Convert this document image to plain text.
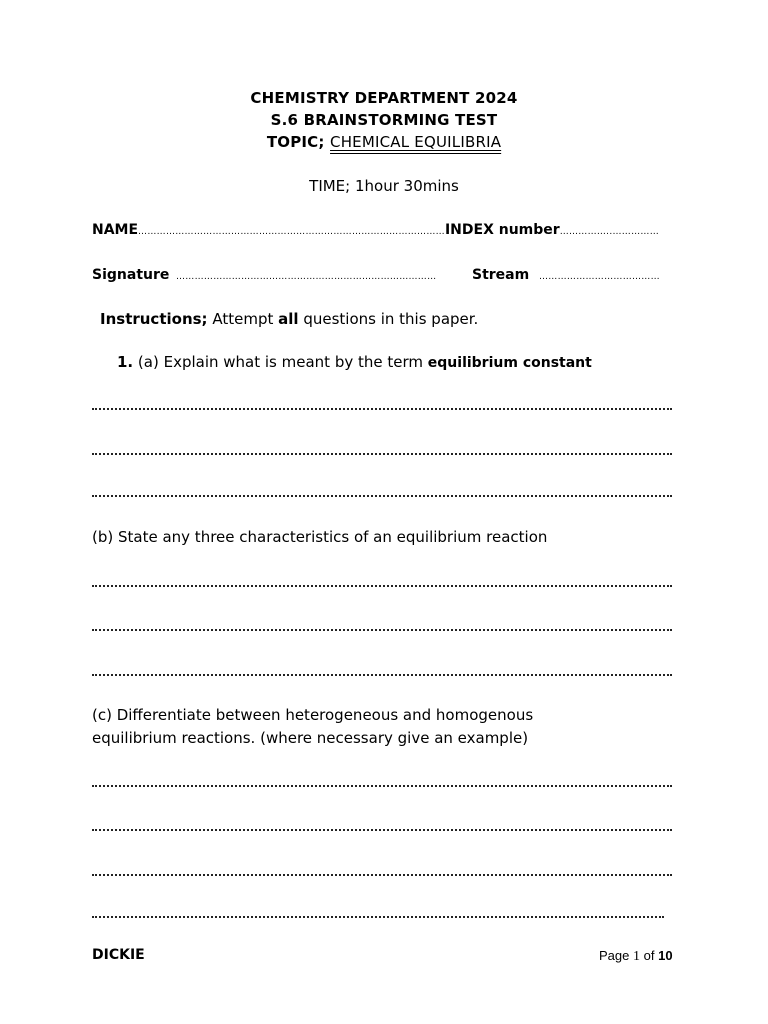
CHEMISTRY DEPARTMENT 2024
S.6 BRAINSTORMING TEST
TOPIC; CHEMICAL EQUILIBRIA
TIME; 1hour 30mins
NAME………………………………………………………………………………………INDEX number……………..……………
Signature …………………………………………………………………………	Stream …………………………………
Instructions; Attempt all questions in this paper.
1. (a) Explain what is meant by the term equilibrium constant
(b) State any three characteristics of an equilibrium reaction
(c) Differentiate between heterogeneous and homogenous
equilibrium reactions. (where necessary give an example)
DICKIE	Page 1 of 10
